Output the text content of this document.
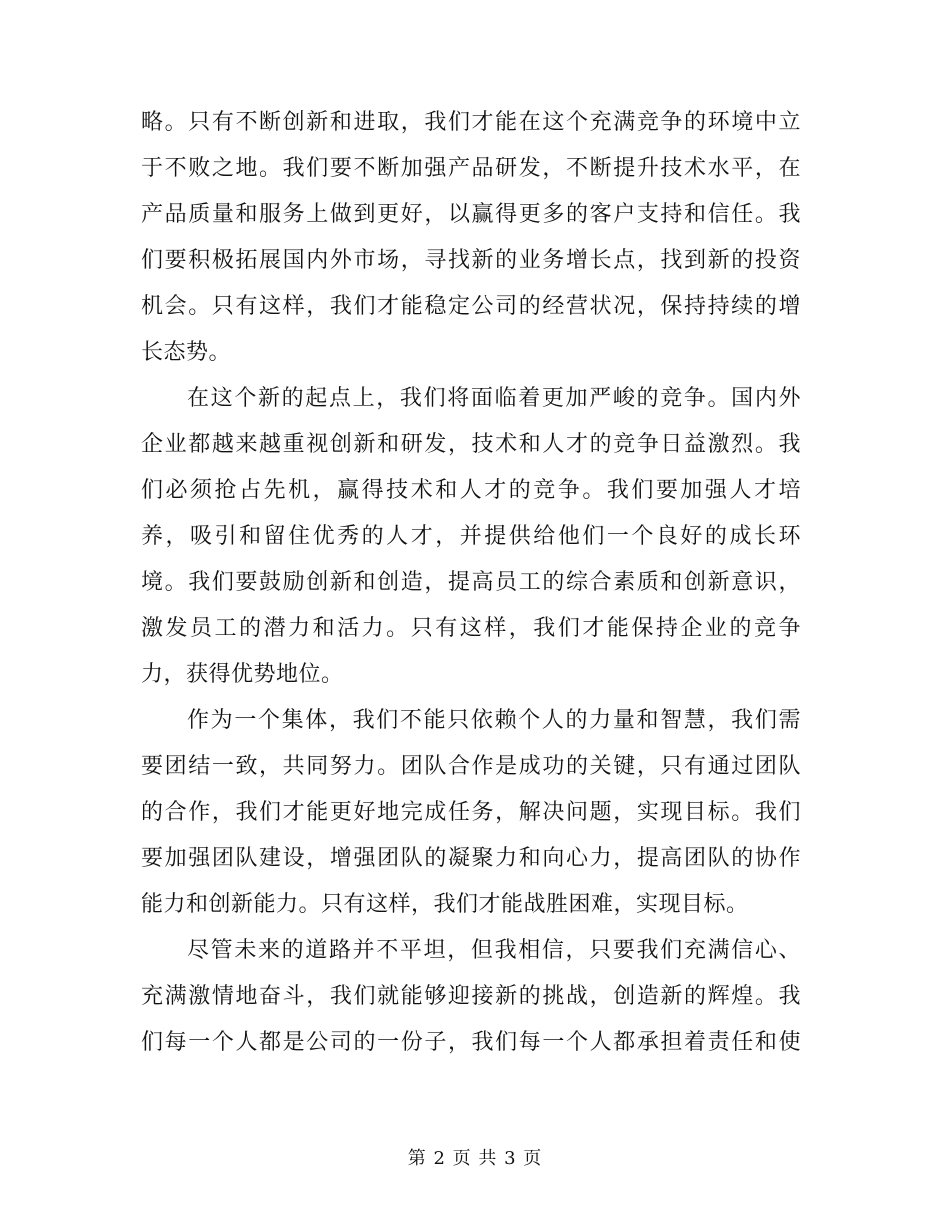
略。只有不断创新和进取，我们才能在这个充满竞争的环境中立
于不败之地。我们要不断加强产品研发，不断提升技术水平，在
产品质量和服务上做到更好，以赢得更多的客户支持和信任。我
们要积极拓展国内外市场，寻找新的业务增长点，找到新的投资
机会。只有这样，我们才能稳定公司的经营状况，保持持续的增
长态势。
在这个新的起点上，我们将面临着更加严峻的竞争。国内外
企业都越来越重视创新和研发，技术和人才的竞争日益激烈。我
们必须抢占先机，赢得技术和人才的竞争。我们要加强人才培
养，吸引和留住优秀的人才，并提供给他们一个良好的成长环
境。我们要鼓励创新和创造，提高员工的综合素质和创新意识，
激发员工的潜力和活力。只有这样，我们才能保持企业的竞争
力，获得优势地位。
作为一个集体，我们不能只依赖个人的力量和智慧，我们需
要团结一致，共同努力。团队合作是成功的关键，只有通过团队
的合作，我们才能更好地完成任务，解决问题，实现目标。我们
要加强团队建设，增强团队的凝聚力和向心力，提高团队的协作
能力和创新能力。只有这样，我们才能战胜困难，实现目标。
尽管未来的道路并不平坦，但我相信，只要我们充满信心、
充满激情地奋斗，我们就能够迎接新的挑战，创造新的辉煌。我
们每一个人都是公司的一份子，我们每一个人都承担着责任和使
第 2 页 共 3 页
